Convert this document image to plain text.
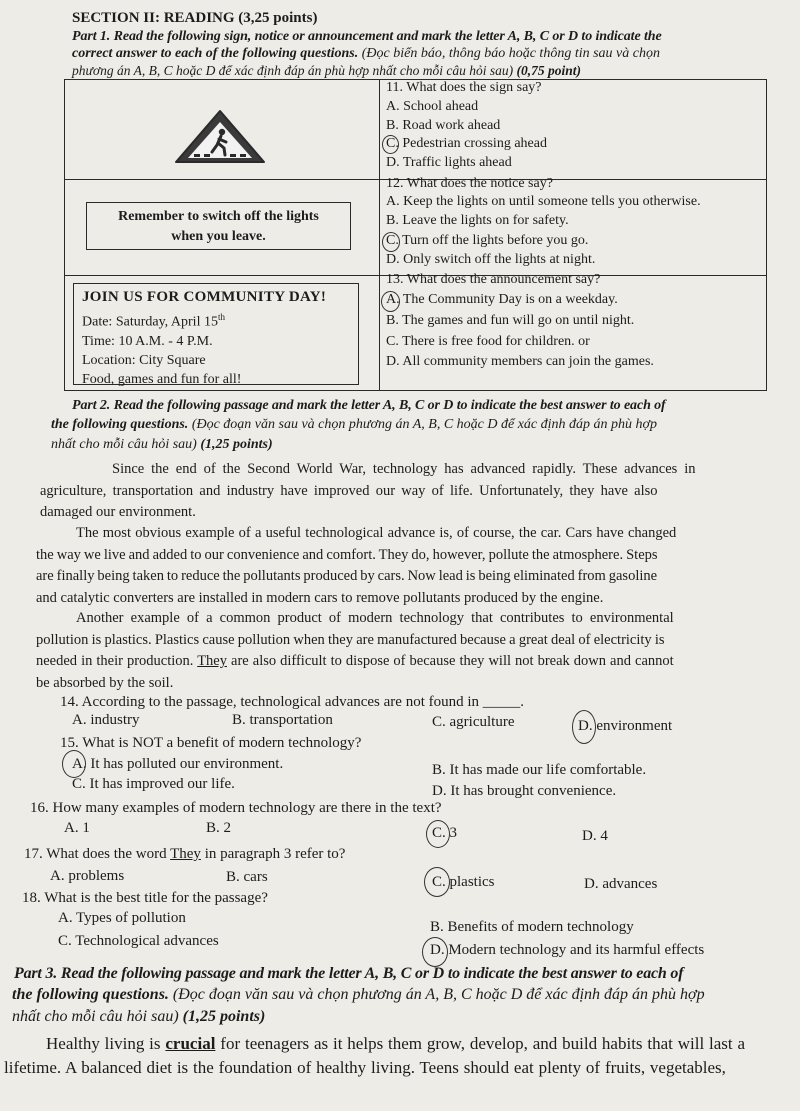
SECTION II: READING (3,25 points)
Part 1. Read the following sign, notice or announcement and mark the letter A, B, C or D to indicate the
correct answer to each of the following questions. (Đọc biển báo, thông báo hoặc thông tin sau và chọn
phương án A, B, C hoặc D để xác định đáp án phù hợp nhất cho mỗi câu hỏi sau) (0,75 point)
Remember to switch off the lights
when you leave.
JOIN US FOR COMMUNITY DAY!
Date: Saturday, April 15th
Time: 10 A.M. - 4 P.M.
Location: City Square
Food, games and fun for all!
11. What does the sign say?
A. School ahead
B. Road work ahead
C. Pedestrian crossing ahead
D. Traffic lights ahead
12. What does the notice say?
A. Keep the lights on until someone tells you otherwise.
B. Leave the lights on for safety.
C. Turn off the lights before you go.
D. Only switch off the lights at night.
13. What does the announcement say?
A. The Community Day is on a weekday.
B. The games and fun will go on until night.
C. There is free food for children. or
D. All community members can join the games.
Part 2. Read the following passage and mark the letter A, B, C or D to indicate the best answer to each of
the following questions. (Đọc đoạn văn sau và chọn phương án A, B, C hoặc D để xác định đáp án phù hợp
nhất cho mỗi câu hỏi sau) (1,25 points)
Since the end of the Second World War, technology has advanced rapidly. These advances in
agriculture, transportation and industry have improved our way of life. Unfortunately, they have also
damaged our environment.
The most obvious example of a useful technological advance is, of course, the car. Cars have changed
the way we live and added to our convenience and comfort. They do, however, pollute the atmosphere. Steps
are finally being taken to reduce the pollutants produced by cars. Now lead is being eliminated from gasoline
and catalytic converters are installed in modern cars to remove pollutants produced by the engine.
Another example of a common product of modern technology that contributes to environmental
pollution is plastics. Plastics cause pollution when they are manufactured because a great deal of electricity is
needed in their production. They are also difficult to dispose of because they will not break down and cannot
be absorbed by the soil.
14. According to the passage, technological advances are not found in _____.
A. industry	B. transportation	C. agriculture	D. environment
15. What is NOT a benefit of modern technology?
A. It has polluted our environment.	B. It has made our life comfortable.
C. It has improved our life.	D. It has brought convenience.
16. How many examples of modern technology are there in the text?
A. 1	B. 2	C. 3	D. 4
17. What does the word They in paragraph 3 refer to?
A. problems	B. cars	C. plastics	D. advances
18. What is the best title for the passage?
A. Types of pollution
B. Benefits of modern technology
C. Technological advances
D. Modern technology and its harmful effects
Part 3. Read the following passage and mark the letter A, B, C or D to indicate the best answer to each of
the following questions. (Đọc đoạn văn sau và chọn phương án A, B, C hoặc D để xác định đáp án phù hợp
nhất cho mỗi câu hỏi sau) (1,25 points)
Healthy living is crucial for teenagers as it helps them grow, develop, and build habits that will last a
lifetime. A balanced diet is the foundation of healthy living. Teens should eat plenty of fruits, vegetables,
